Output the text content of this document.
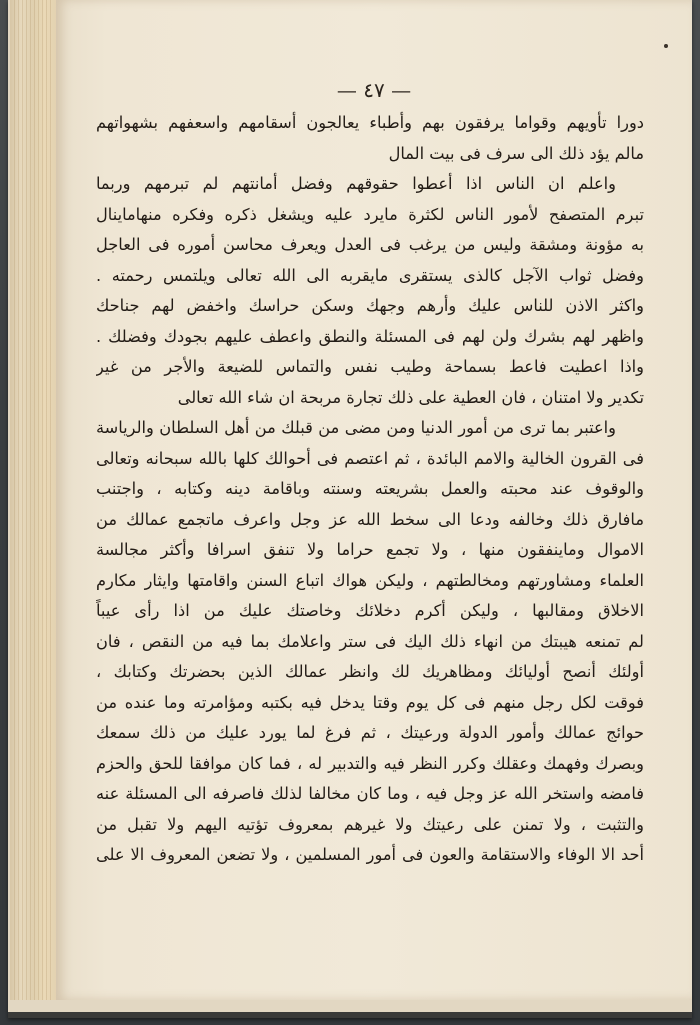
— ٤٧ —
دورا تأويهم وقواما يرفقون بهم وأطباء يعالجون أسقامهم واسعفهم بشهواتهم
مالم يؤد ذلك الى سرف فى بيت المال
واعلم ان الناس اذا أعطوا حقوقهم وفضل أمانتهم لم تبرمهم وربما
تبرم المتصفح لأمور الناس لكثرة مايرد عليه ويشغل ذكره وفكره منهاماينال
به مؤونة ومشقة وليس من يرغب فى العدل ويعرف محاسن أموره فى العاجل
وفضل ثواب الآجل كالذى يستقرى مايقربه الى الله تعالى ويلتمس رحمته .
واكثر الاذن للناس عليك وأرهم وجهك وسكن حراسك واخفض لهم جناحك
واظهر لهم بشرك ولن لهم فى المسئلة والنطق واعطف عليهم بجودك وفضلك .
واذا اعطيت فاعط بسماحة وطيب نفس والتماس للضيعة والأجر من غير
تكدير ولا امتنان ، فان العطية على ذلك تجارة مربحة ان شاء الله تعالى
واعتبر بما ترى من أمور الدنيا ومن مضى من قبلك من أهل السلطان والرياسة
فى القرون الخالية والامم البائدة ، ثم اعتصم فى أحوالك كلها بالله سبحانه وتعالى
والوقوف عند محبته والعمل بشريعته وسنته وباقامة دينه وكتابه ، واجتنب
مافارق ذلك وخالفه ودعا الى سخط الله عز وجل واعرف ماتجمع عمالك من
الاموال وماينفقون منها ، ولا تجمع حراما ولا تنفق اسرافا وأكثر مجالسة
العلماء ومشاورتهم ومخالطتهم ، وليكن هواك اتباع السنن واقامتها وايثار مكارم
الاخلاق ومقالبها ، وليكن أكرم دخلائك وخاصتك عليك من اذا رأى عيباً
لم تمنعه هيبتك من انهاء ذلك اليك فى ستر واعلامك بما فيه من النقص ، فان
أولئك أنصح أوليائك ومظاهريك لك وانظر عمالك الذين بحضرتك وكتابك ،
فوقت لكل رجل منهم فى كل يوم وقتا يدخل فيه بكتبه ومؤامرته وما عنده من
حوائج عمالك وأمور الدولة ورعيتك ، ثم فرغ لما يورد عليك من ذلك سمعك
وبصرك وفهمك وعقلك وكرر النظر فيه والتدبير له ، فما كان موافقا للحق والحزم
فامضه واستخر الله عز وجل فيه ، وما كان مخالفا لذلك فاصرفه الى المسئلة عنه
والتثبت ، ولا تمنن على رعيتك ولا غيرهم بمعروف تؤتيه اليهم ولا تقبل من
أحد الا الوفاء والاستقامة والعون فى أمور المسلمين ، ولا تضعن المعروف الا على
